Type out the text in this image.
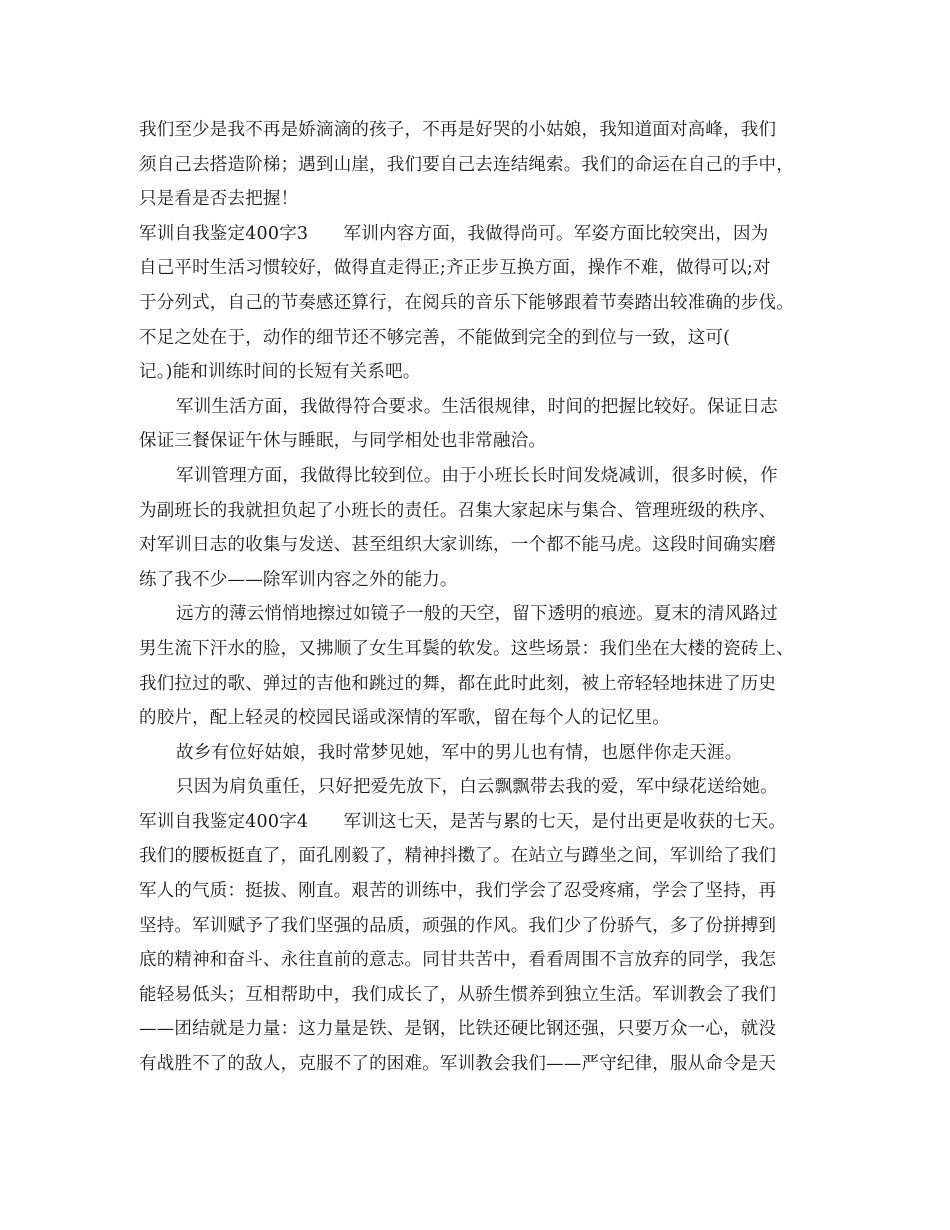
我们至少是我不再是娇滴滴的孩子，不再是好哭的小姑娘，我知道面对高峰，我们
须自己去搭造阶梯；遇到山崖，我们要自己去连结绳索。我们的命运在自己的手中，
只是看是否去把握！
军训自我鉴定400字3　　军训内容方面，我做得尚可。军姿方面比较突出，因为
自己平时生活习惯较好，做得直走得正;齐正步互换方面，操作不难，做得可以;对
于分列式，自己的节奏感还算行，在阅兵的音乐下能够跟着节奏踏出较准确的步伐。
不足之处在于，动作的细节还不够完善，不能做到完全的到位与一致，这可(
记。)能和训练时间的长短有关系吧。
军训生活方面，我做得符合要求。生活很规律，时间的把握比较好。保证日志
保证三餐保证午休与睡眠，与同学相处也非常融洽。
军训管理方面，我做得比较到位。由于小班长长时间发烧减训，很多时候，作
为副班长的我就担负起了小班长的责任。召集大家起床与集合、管理班级的秩序、
对军训日志的收集与发送、甚至组织大家训练，一个都不能马虎。这段时间确实磨
练了我不少——除军训内容之外的能力。
远方的薄云悄悄地擦过如镜子一般的天空，留下透明的痕迹。夏末的清风路过
男生流下汗水的脸，又拂顺了女生耳鬓的软发。这些场景：我们坐在大楼的瓷砖上、
我们拉过的歌、弹过的吉他和跳过的舞，都在此时此刻，被上帝轻轻地抹进了历史
的胶片，配上轻灵的校园民谣或深情的军歌，留在每个人的记忆里。
故乡有位好姑娘，我时常梦见她，军中的男儿也有情，也愿伴你走天涯。
只因为肩负重任，只好把爱先放下，白云飘飘带去我的爱，军中绿花送给她。
军训自我鉴定400字4　　军训这七天，是苦与累的七天，是付出更是收获的七天。
我们的腰板挺直了，面孔刚毅了，精神抖擞了。在站立与蹲坐之间，军训给了我们
军人的气质：挺拔、刚直。艰苦的训练中，我们学会了忍受疼痛，学会了坚持，再
坚持。军训赋予了我们坚强的品质，顽强的作风。我们少了份骄气，多了份拼搏到
底的精神和奋斗、永往直前的意志。同甘共苦中，看看周围不言放弃的同学，我怎
能轻易低头；互相帮助中，我们成长了，从骄生惯养到独立生活。军训教会了我们
——团结就是力量：这力量是铁、是钢，比铁还硬比钢还强，只要万众一心，就没
有战胜不了的敌人，克服不了的困难。军训教会我们——严守纪律，服从命令是天
